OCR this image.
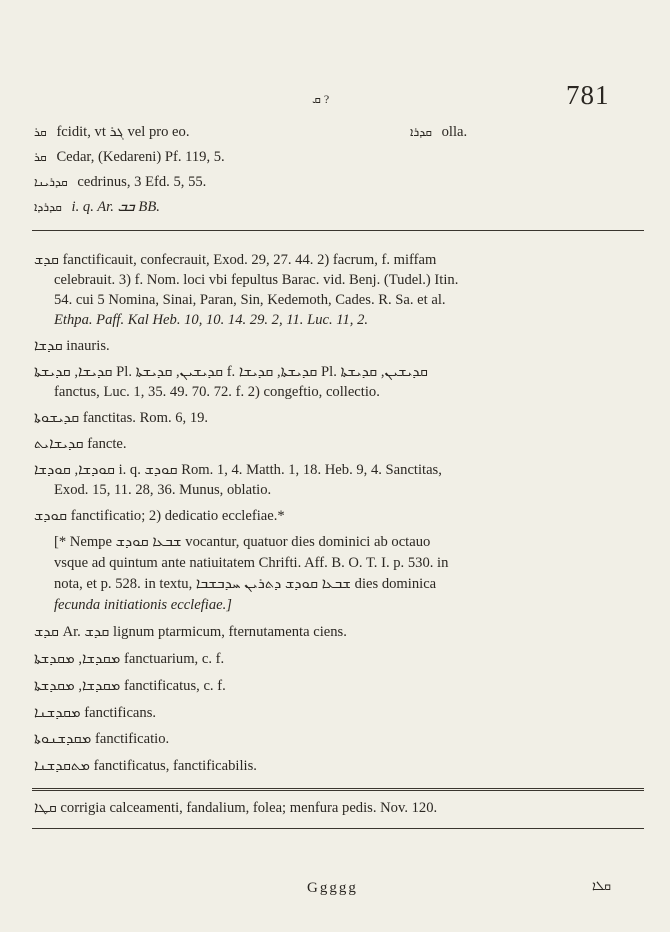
ܩ ?	781
ܩܕܪܐ olla.
ܩܪ fcidit, vt ܓܪ vel pro eo.
ܩܪ Cedar, (Kedareni) Pf. 119, 5.
ܩܕܪܝܢܐ cedrinus, 3 Efd. 5, 55.
ܩܕܪܕܐ i. q. Ar. ܒܒ BB.
ܩܕܫ fanctificauit, confecrauit, Exod. 29, 27. 44. 2) facrum, f. miffam
celebrauit. 3) f. Nom. loci vbi fepultus Barac. vid. Benj. (Tudel.) Itin.
54. cui 5 Nomina, Sinai, Paran, Sin, Kedemoth, Cades. R. Sa. et al.
Ethpa. Paff. Kal Heb. 10, 10. 14. 29. 2, 11. Luc. 11, 2.
ܩܕܫܐ inauris.
ܩܕܝܫܐ, ܩܕܝܫܬܐ Pl. ܩܕܝܫܝܢ, ܩܕܝܫܬܐ f. ܩܕܝܫܬܐ, ܩܕܝܫܐ Pl. ܩܕܝܫܝܢ, ܩܕܝܫܬܐ
fanctus, Luc. 1, 35. 49. 70. 72. f. 2) congeftio, collectio.
ܩܕܝܫܘܬܐ fanctitas. Rom. 6, 19.
ܩܕܝܫܐܝܬ fancte.
ܩܘܕܫܐ, ܩܘܕܫܐ i. q. ܩܘܕܫ Rom. 1, 4. Matth. 1, 18. Heb. 9, 4. Sanctitas,
Exod. 15, 11. 28, 36. Munus, oblatio.
ܩܘܕܫ fanctificatio; 2) dedicatio ecclefiae.*
[* Nempe ܫܒܥܐ ܩܘܕܫ vocantur, quatuor dies dominici ab octauo
vsque ad quintum ante natiuitatem Chrifti. Aff. B. O. T. I. p. 530. in
nota, et p. 528. in textu, ܫܒܥܐ ܩܘܕܫ ܕܬܪܝܢ ܚܕܒܫܒܐ dies dominica
fecunda initiationis ecclefiae.]
ܩܕܫ Ar. ܩܕܫ lignum ptarmicum, fternutamenta ciens.
ܡܩܕܫܐ, ܡܩܕܫܬܐ fanctuarium, c. f.
ܡܩܕܫܐ, ܡܩܕܫܬܐ fanctificatus, c. f.
ܡܩܕܫܢܐ fanctificans.
ܡܩܕܫܢܘܬܐ fanctificatio.
ܡܬܩܕܫܢܐ fanctificatus, fanctificabilis.
ܩܛܐ corrigia calceamenti, fandalium, folea; menfura pedis. Nov. 120.
Ggggg	ܩܠܐ
